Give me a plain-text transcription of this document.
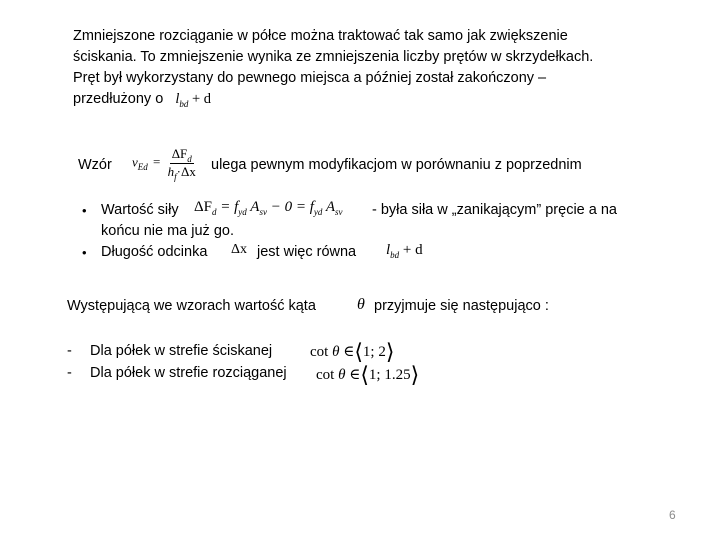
Zmniejszone rozciąganie w półce można traktować tak samo jak zwiększenie
ściskania. To zmniejszenie wynika ze zmniejszenia liczby prętów w skrzydełkach.
Pręt był wykorzystany do pewnego miejsca a później został zakończony –
przedłużony o $l_{bd} + d$
Wzór $v_{Ed} = \frac{\Delta F_d}{h_f\cdot\Delta x}$ ulega pewnym modyfikacjom w porównaniu z poprzednim
• Wartość siły $\Delta F_d = f_{yd}$ $A_{sv} - 0 = f_{yd}$ $A_{sv}$ - była siła w „zanikającym” pręcie a na
końcu nie ma już go.
• Długość odcinka Δx jest więc równa $l_{bd} + d$
Występującą we wzorach wartość kąta	θ przyjmuje się następująco :
- Dla półek w strefie ściskanej	cot θ ∈⟨1; 2⟩
- Dla półek w strefie rozciąganej cot θ ∈⟨1; 1.25⟩
6
